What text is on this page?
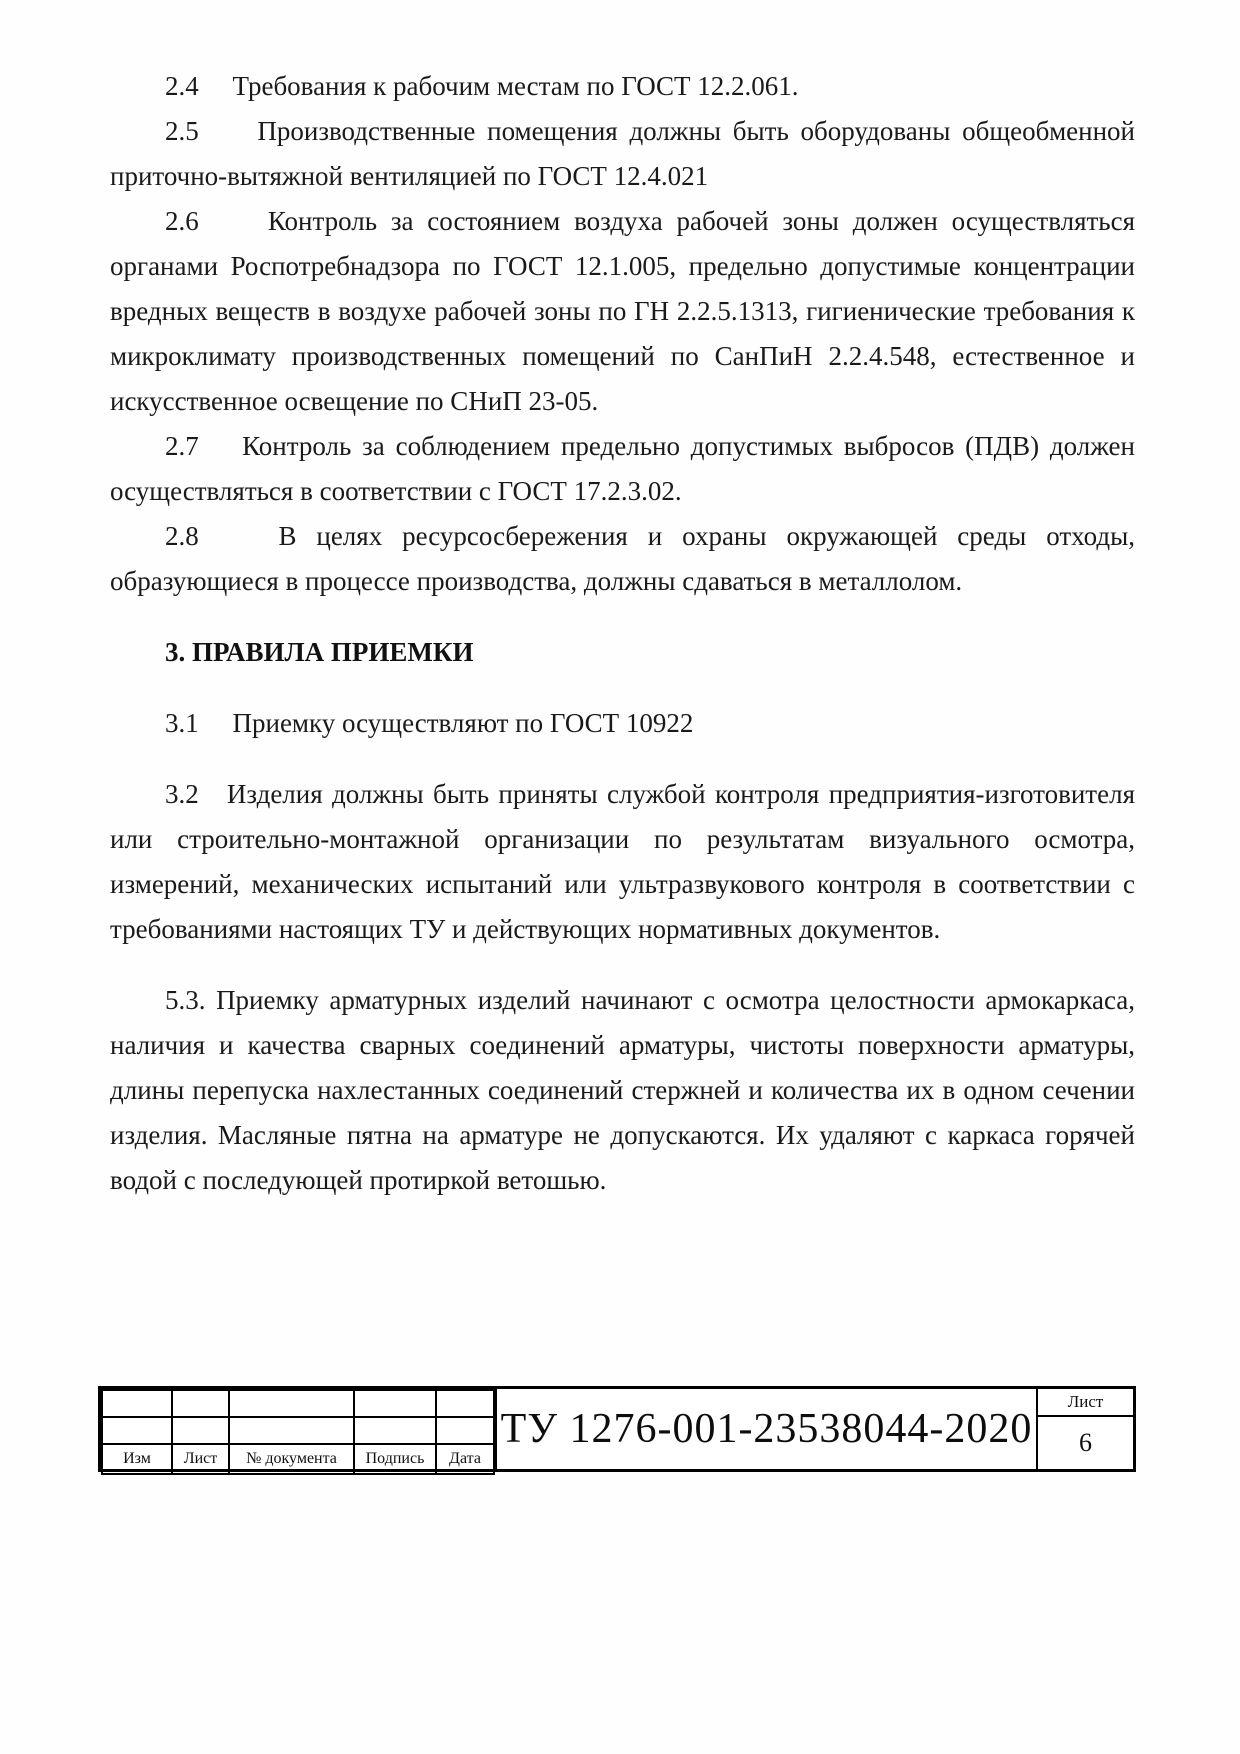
2.4     Требования к рабочим местам по ГОСТ 12.2.061.

2.5     Производственные помещения должны быть оборудованы общеобменной приточно-вытяжной вентиляцией по ГОСТ 12.4.021

2.6     Контроль за состоянием воздуха рабочей зоны должен осуществляться органами Роспотребнадзора по ГОСТ 12.1.005, предельно допустимые концентрации вредных веществ в воздухе рабочей зоны по ГН 2.2.5.1313, гигиенические требования к микроклимату производственных помещений по СанПиН 2.2.4.548, естественное и искусственное освещение по СНиП 23-05.

2.7    Контроль за соблюдением предельно допустимых выбросов (ПДВ) должен осуществляться в соответствии с ГОСТ 17.2.3.02.

2.8    В целях ресурсосбережения и охраны окружающей среды отходы, образующиеся в процессе производства, должны сдаваться в металлолом.

3. ПРАВИЛА ПРИЕМКИ

3.1     Приемку осуществляют по ГОСТ 10922

3.2   Изделия должны быть приняты службой контроля предприятия-изготовителя или строительно-монтажной организации по результатам визуального осмотра, измерений, механических испытаний или ультразвукового контроля в соответствии с требованиями настоящих ТУ и действующих нормативных документов.

5.3. Приемку арматурных изделий начинают с осмотра целостности армокаркаса, наличия и качества сварных соединений арматуры, чистоты поверхности арматуры, длины перепуска нахлестанных соединений стержней и количества их в одном сечении изделия. Масляные пятна на арматуре не допускаются. Их удаляют с каркаса горячей водой с последующей протиркой ветошью.

Изм	Лист	№ документа	Подпись	Дата
ТУ 1276-001-23538044-2020
Лист
6
